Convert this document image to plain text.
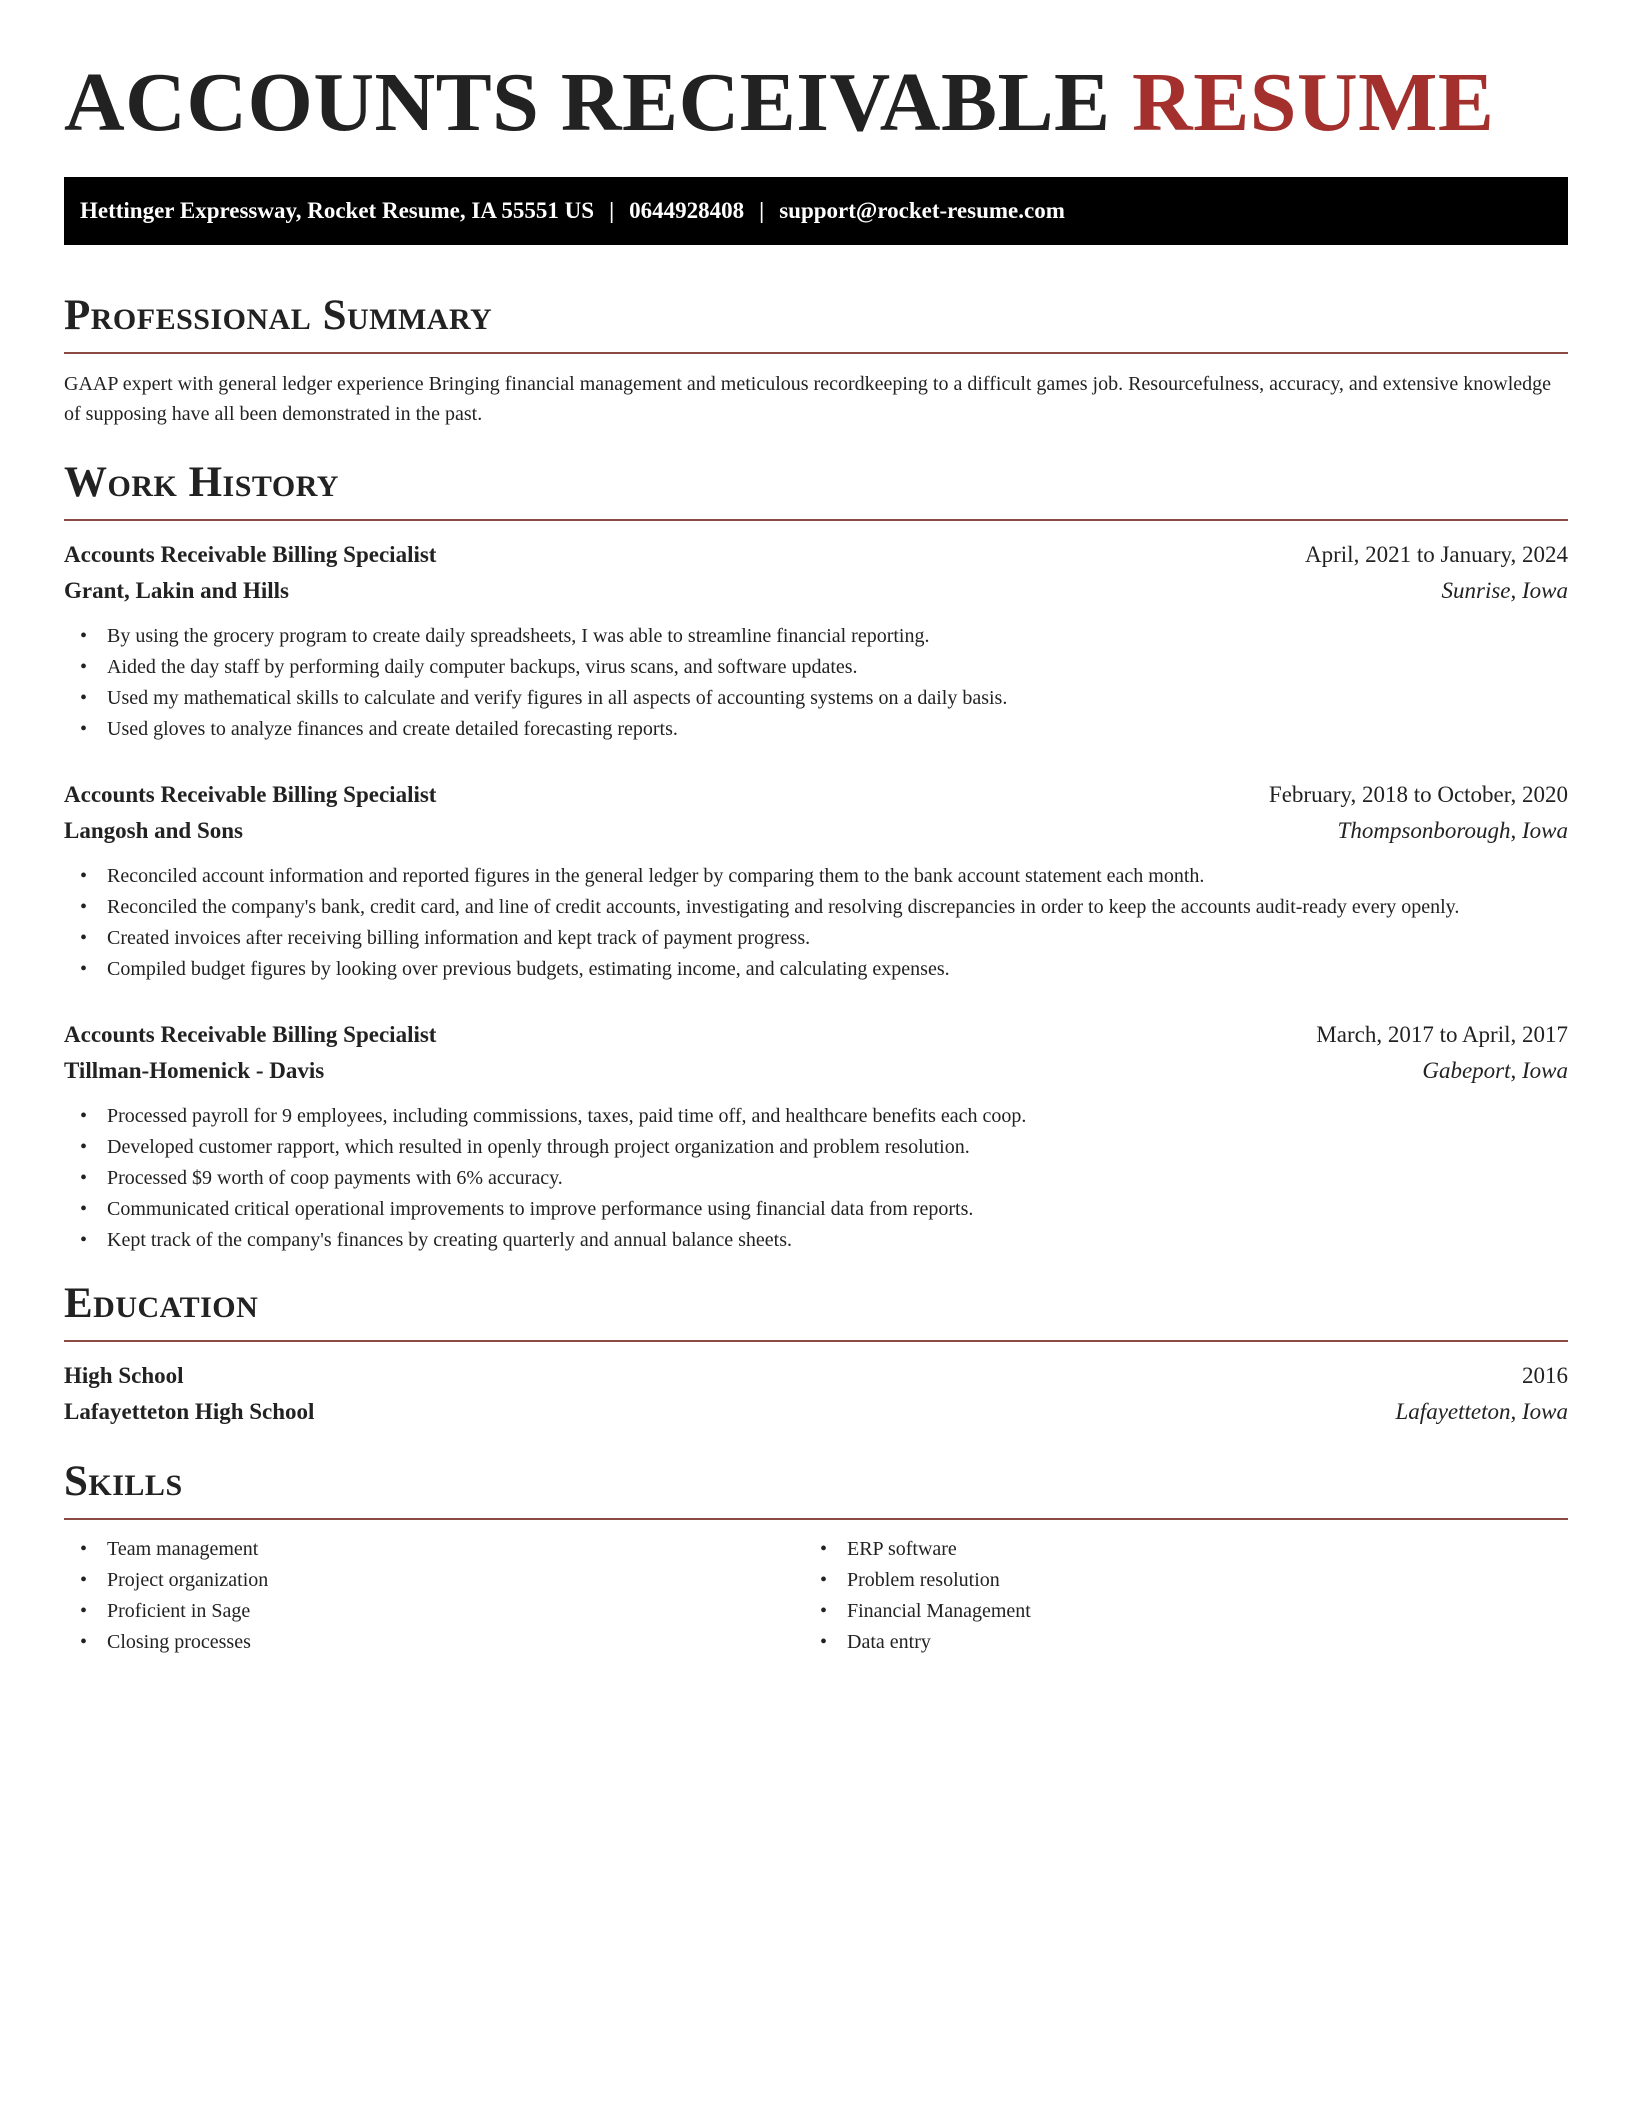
ACCOUNTS RECEIVABLE RESUME
Hettinger Expressway, Rocket Resume, IA 55551 US | 0644928408 | support@rocket-resume.com
Professional Summary

GAAP expert with general ledger experience Bringing financial management and meticulous recordkeeping to a difficult games job. Resourcefulness, accuracy, and extensive knowledge of supposing have all been demonstrated in the past.

Work History
Accounts Receivable Billing Specialist	April, 2021 to January, 2024
Grant, Lakin and Hills	Sunrise, Iowa
• By using the grocery program to create daily spreadsheets, I was able to streamline financial reporting.
• Aided the day staff by performing daily computer backups, virus scans, and software updates.
• Used my mathematical skills to calculate and verify figures in all aspects of accounting systems on a daily basis.
• Used gloves to analyze finances and create detailed forecasting reports.
Accounts Receivable Billing Specialist	February, 2018 to October, 2020
Langosh and Sons	Thompsonborough, Iowa
• Reconciled account information and reported figures in the general ledger by comparing them to the bank account statement each month.
• Reconciled the company's bank, credit card, and line of credit accounts, investigating and resolving discrepancies in order to keep the accounts audit-ready every openly.
• Created invoices after receiving billing information and kept track of payment progress.
• Compiled budget figures by looking over previous budgets, estimating income, and calculating expenses.
Accounts Receivable Billing Specialist	March, 2017 to April, 2017
Tillman-Homenick - Davis	Gabeport, Iowa
• Processed payroll for 9 employees, including commissions, taxes, paid time off, and healthcare benefits each coop.
• Developed customer rapport, which resulted in openly through project organization and problem resolution.
• Processed $9 worth of coop payments with 6% accuracy.
• Communicated critical operational improvements to improve performance using financial data from reports.
• Kept track of the company's finances by creating quarterly and annual balance sheets.
Education
High School	2016
Lafayetteton High School	Lafayetteton, Iowa
Skills
• Team management
• Project organization
• Proficient in Sage
• Closing processes
• ERP software
• Problem resolution
• Financial Management
• Data entry
